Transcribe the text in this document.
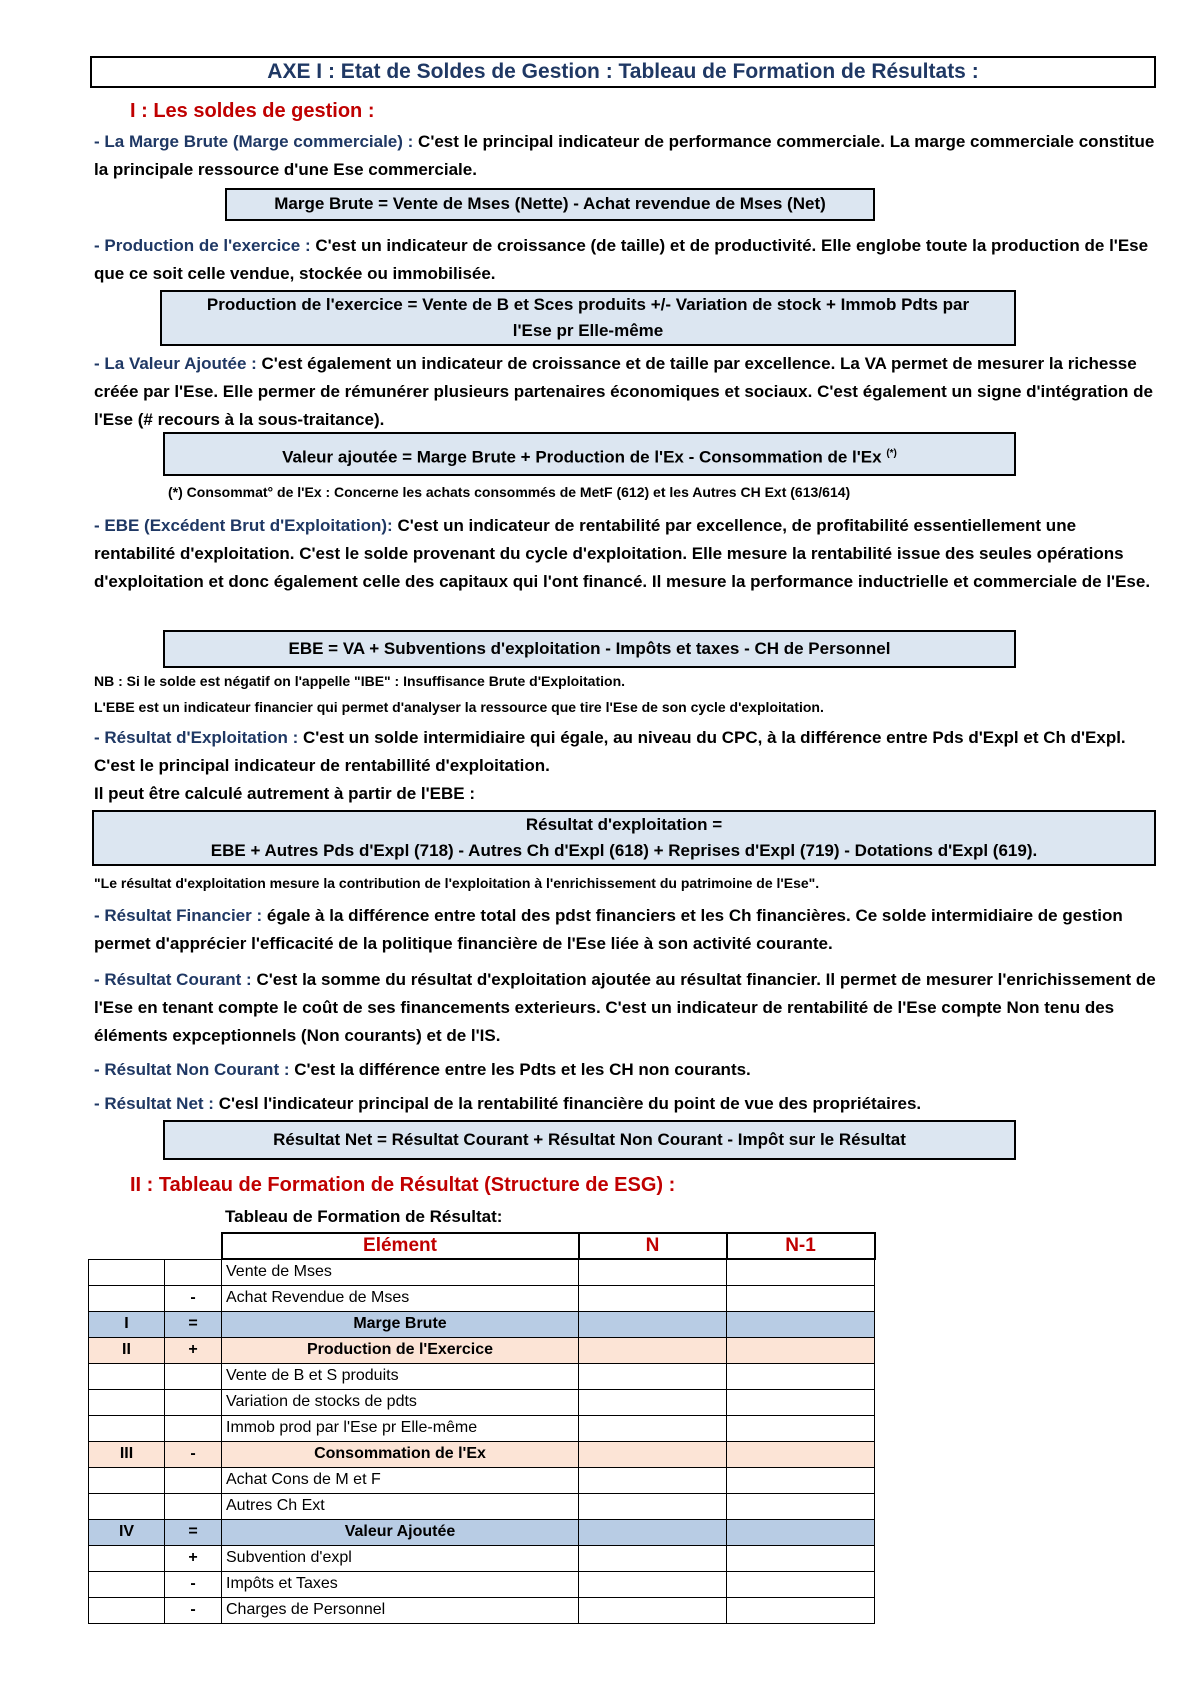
AXE I : Etat de Soldes de Gestion : Tableau de Formation de Résultats :
I : Les soldes de gestion :
- La Marge Brute (Marge commerciale) : C'est le principal indicateur de performance commerciale. La marge commerciale constitue la principale ressource d'une Ese commerciale.
Marge Brute = Vente de Mses (Nette) - Achat revendue de Mses (Net)
- Production de l'exercice : C'est un indicateur de croissance (de taille) et de productivité. Elle englobe toute la production de l'Ese que ce soit celle vendue, stockée ou immobilisée.
Production de l'exercice = Vente de B et Sces produits +/- Variation de stock + Immob Pdts par
l'Ese pr Elle-même
- La Valeur Ajoutée : C'est également un indicateur de croissance et de taille par excellence. La VA permet de mesurer la richesse créée par l'Ese. Elle permer de rémunérer plusieurs partenaires économiques et sociaux. C'est également un signe d'intégration de l'Ese (# recours à la sous-traitance).
Valeur ajoutée = Marge Brute + Production de l'Ex - Consommation de l'Ex (*)
(*) Consommat° de l'Ex : Concerne les achats consommés de MetF (612) et les Autres CH Ext (613/614)
- EBE (Excédent Brut d'Exploitation): C'est un indicateur de rentabilité par excellence, de profitabilité essentiellement une rentabilité d'exploitation. C'est le solde provenant du cycle d'exploitation. Elle mesure la rentabilité issue des seules opérations d'exploitation et donc également celle des capitaux qui l'ont financé. Il mesure la performance inductrielle et commerciale de l'Ese.
EBE = VA + Subventions d'exploitation - Impôts et taxes - CH de Personnel
NB : Si le solde est négatif on l'appelle "IBE" : Insuffisance Brute d'Exploitation.
L'EBE est un indicateur financier qui permet d'analyser la ressource que tire l'Ese de son cycle d'exploitation.
- Résultat d'Exploitation : C'est un solde intermidiaire qui égale, au niveau du CPC, à la différence entre Pds d'Expl et Ch d'Expl. C'est le principal indicateur de rentabillité d'exploitation.
Il peut être calculé autrement à partir de l'EBE :
Résultat d'exploitation =
EBE + Autres Pds d'Expl (718) - Autres Ch d'Expl (618) + Reprises d'Expl (719) - Dotations d'Expl (619).
"Le résultat d'exploitation mesure la contribution de l'exploitation à l'enrichissement du patrimoine de l'Ese".
- Résultat Financier : égale à la différence entre total des pdst financiers et les Ch financières. Ce solde intermidiaire de gestion permet d'apprécier l'efficacité de la politique financière de l'Ese liée à son activité courante.
- Résultat Courant : C'est la somme du résultat d'exploitation ajoutée au résultat financier. Il permet de mesurer l'enrichissement de l'Ese en tenant compte le coût de ses financements exterieurs. C'est un indicateur de rentabilité de l'Ese compte Non tenu des éléments expceptionnels (Non courants) et de l'IS.
- Résultat Non Courant : C'est la différence entre les Pdts et les CH non courants.
- Résultat Net : C'esl l'indicateur principal de la rentabilité financière du point de vue des propriétaires.
Résultat Net = Résultat Courant + Résultat Non Courant - Impôt sur le Résultat
II : Tableau de Formation de Résultat (Structure de ESG) :
Tableau de Formation de Résultat:
		Elément	N	N-1
		Vente de Mses		
	-	Achat Revendue de Mses		
I	=	Marge Brute		
II	+	Production de l'Exercice		
		Vente de B et S produits		
		Variation de stocks de pdts		
		Immob prod par l'Ese pr Elle-même		
III	-	Consommation de l'Ex		
		Achat Cons de M et F		
		Autres Ch Ext		
IV	=	Valeur Ajoutée		
	+	Subvention d'expl		
	-	Impôts et Taxes		
	-	Charges de Personnel		
